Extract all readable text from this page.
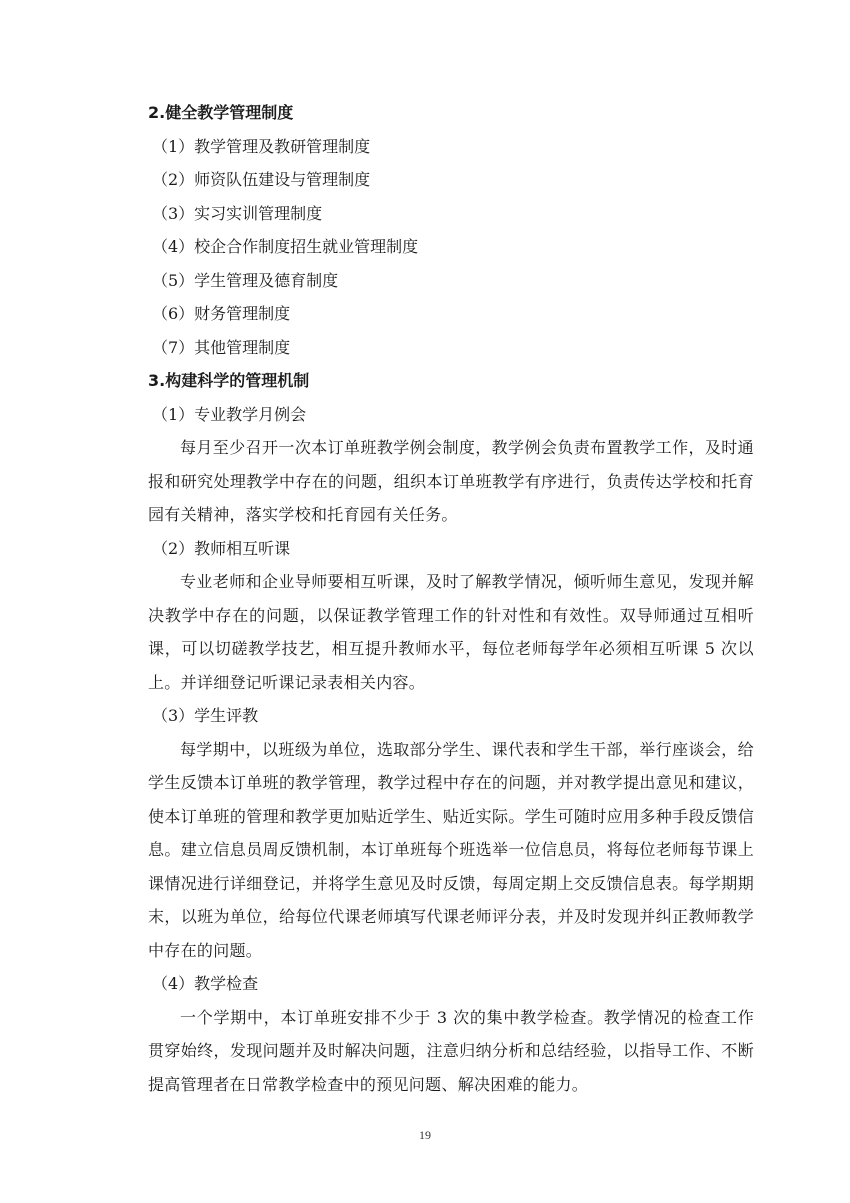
2.健全教学管理制度
（1）教学管理及教研管理制度
（2）师资队伍建设与管理制度
（3）实习实训管理制度
（4）校企合作制度招生就业管理制度
（5）学生管理及德育制度
（6）财务管理制度
（7）其他管理制度
3.构建科学的管理机制
（1）专业教学月例会

每月至少召开一次本订单班教学例会制度，教学例会负责布置教学工作，及时通报和研究处理教学中存在的问题，组织本订单班教学有序进行，负责传达学校和托育园有关精神，落实学校和托育园有关任务。

（2）教师相互听课

专业老师和企业导师要相互听课，及时了解教学情况，倾听师生意见，发现并解决教学中存在的问题，以保证教学管理工作的针对性和有效性。双导师通过互相听课，可以切磋教学技艺，相互提升教师水平，每位老师每学年必须相互听课 5 次以上。并详细登记听课记录表相关内容。

（3）学生评教

每学期中，以班级为单位，选取部分学生、课代表和学生干部，举行座谈会，给学生反馈本订单班的教学管理，教学过程中存在的问题，并对教学提出意见和建议，使本订单班的管理和教学更加贴近学生、贴近实际。学生可随时应用多种手段反馈信息。建立信息员周反馈机制，本订单班每个班选举一位信息员，将每位老师每节课上课情况进行详细登记，并将学生意见及时反馈，每周定期上交反馈信息表。每学期期末，以班为单位，给每位代课老师填写代课老师评分表，并及时发现并纠正教师教学中存在的问题。

（4）教学检查

一个学期中，本订单班安排不少于 3 次的集中教学检查。教学情况的检查工作贯穿始终，发现问题并及时解决问题，注意归纳分析和总结经验，以指导工作、不断提高管理者在日常教学检查中的预见问题、解决困难的能力。

19
